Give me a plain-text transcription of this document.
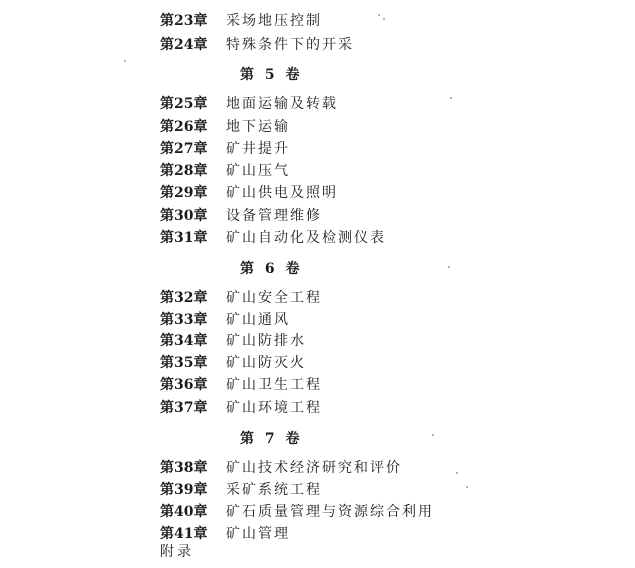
第23章 采场地压控制
第24章 特殊条件下的开采
第 5 卷
第25章 地面运输及转载
第26章 地下运输
第27章 矿井提升
第28章 矿山压气
第29章 矿山供电及照明
第30章 设备管理维修
第31章 矿山自动化及检测仪表
第 6 卷
第32章 矿山安全工程
第33章 矿山通风
第34章 矿山防排水
第35章 矿山防灭火
第36章 矿山卫生工程
第37章 矿山环境工程
第 7 卷
第38章 矿山技术经济研究和评价
第39章 采矿系统工程
第40章 矿石质量管理与资源综合利用
第41章 矿山管理
附录
